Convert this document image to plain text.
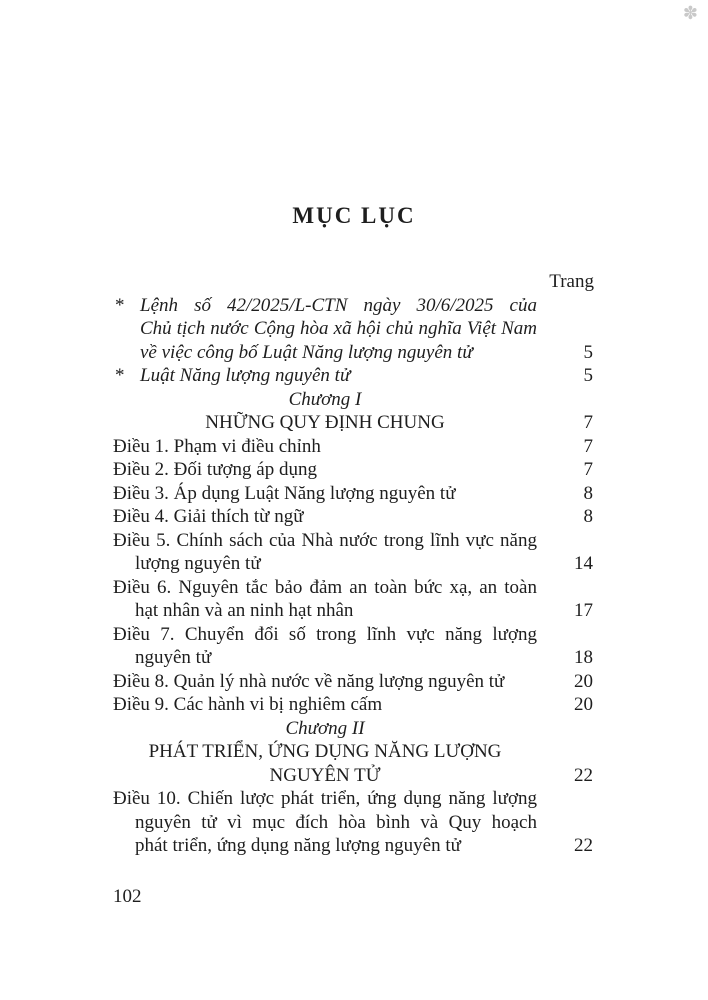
✽
MỤC LỤC
Trang
* Lệnh số 42/2025/L-CTN ngày 30/6/2025 của
Chủ tịch nước Cộng hòa xã hội chủ nghĩa Việt Nam
về việc công bố Luật Năng lượng nguyên tử	5
* Luật Năng lượng nguyên tử	5
Chương I
NHỮNG QUY ĐỊNH CHUNG	7
Điều 1. Phạm vi điều chỉnh	7
Điều 2. Đối tượng áp dụng	7
Điều 3. Áp dụng Luật Năng lượng nguyên tử	8
Điều 4. Giải thích từ ngữ	8
Điều 5. Chính sách của Nhà nước trong lĩnh vực năng
lượng nguyên tử	14
Điều 6. Nguyên tắc bảo đảm an toàn bức xạ, an toàn
hạt nhân và an ninh hạt nhân	17
Điều 7. Chuyển đổi số trong lĩnh vực năng lượng
nguyên tử	18
Điều 8. Quản lý nhà nước về năng lượng nguyên tử	20
Điều 9. Các hành vi bị nghiêm cấm	20
Chương II
PHÁT TRIỂN, ỨNG DỤNG NĂNG LƯỢNG
NGUYÊN TỬ	22
Điều 10. Chiến lược phát triển, ứng dụng năng lượng
nguyên tử vì mục đích hòa bình và Quy hoạch
phát triển, ứng dụng năng lượng nguyên tử	22
102
